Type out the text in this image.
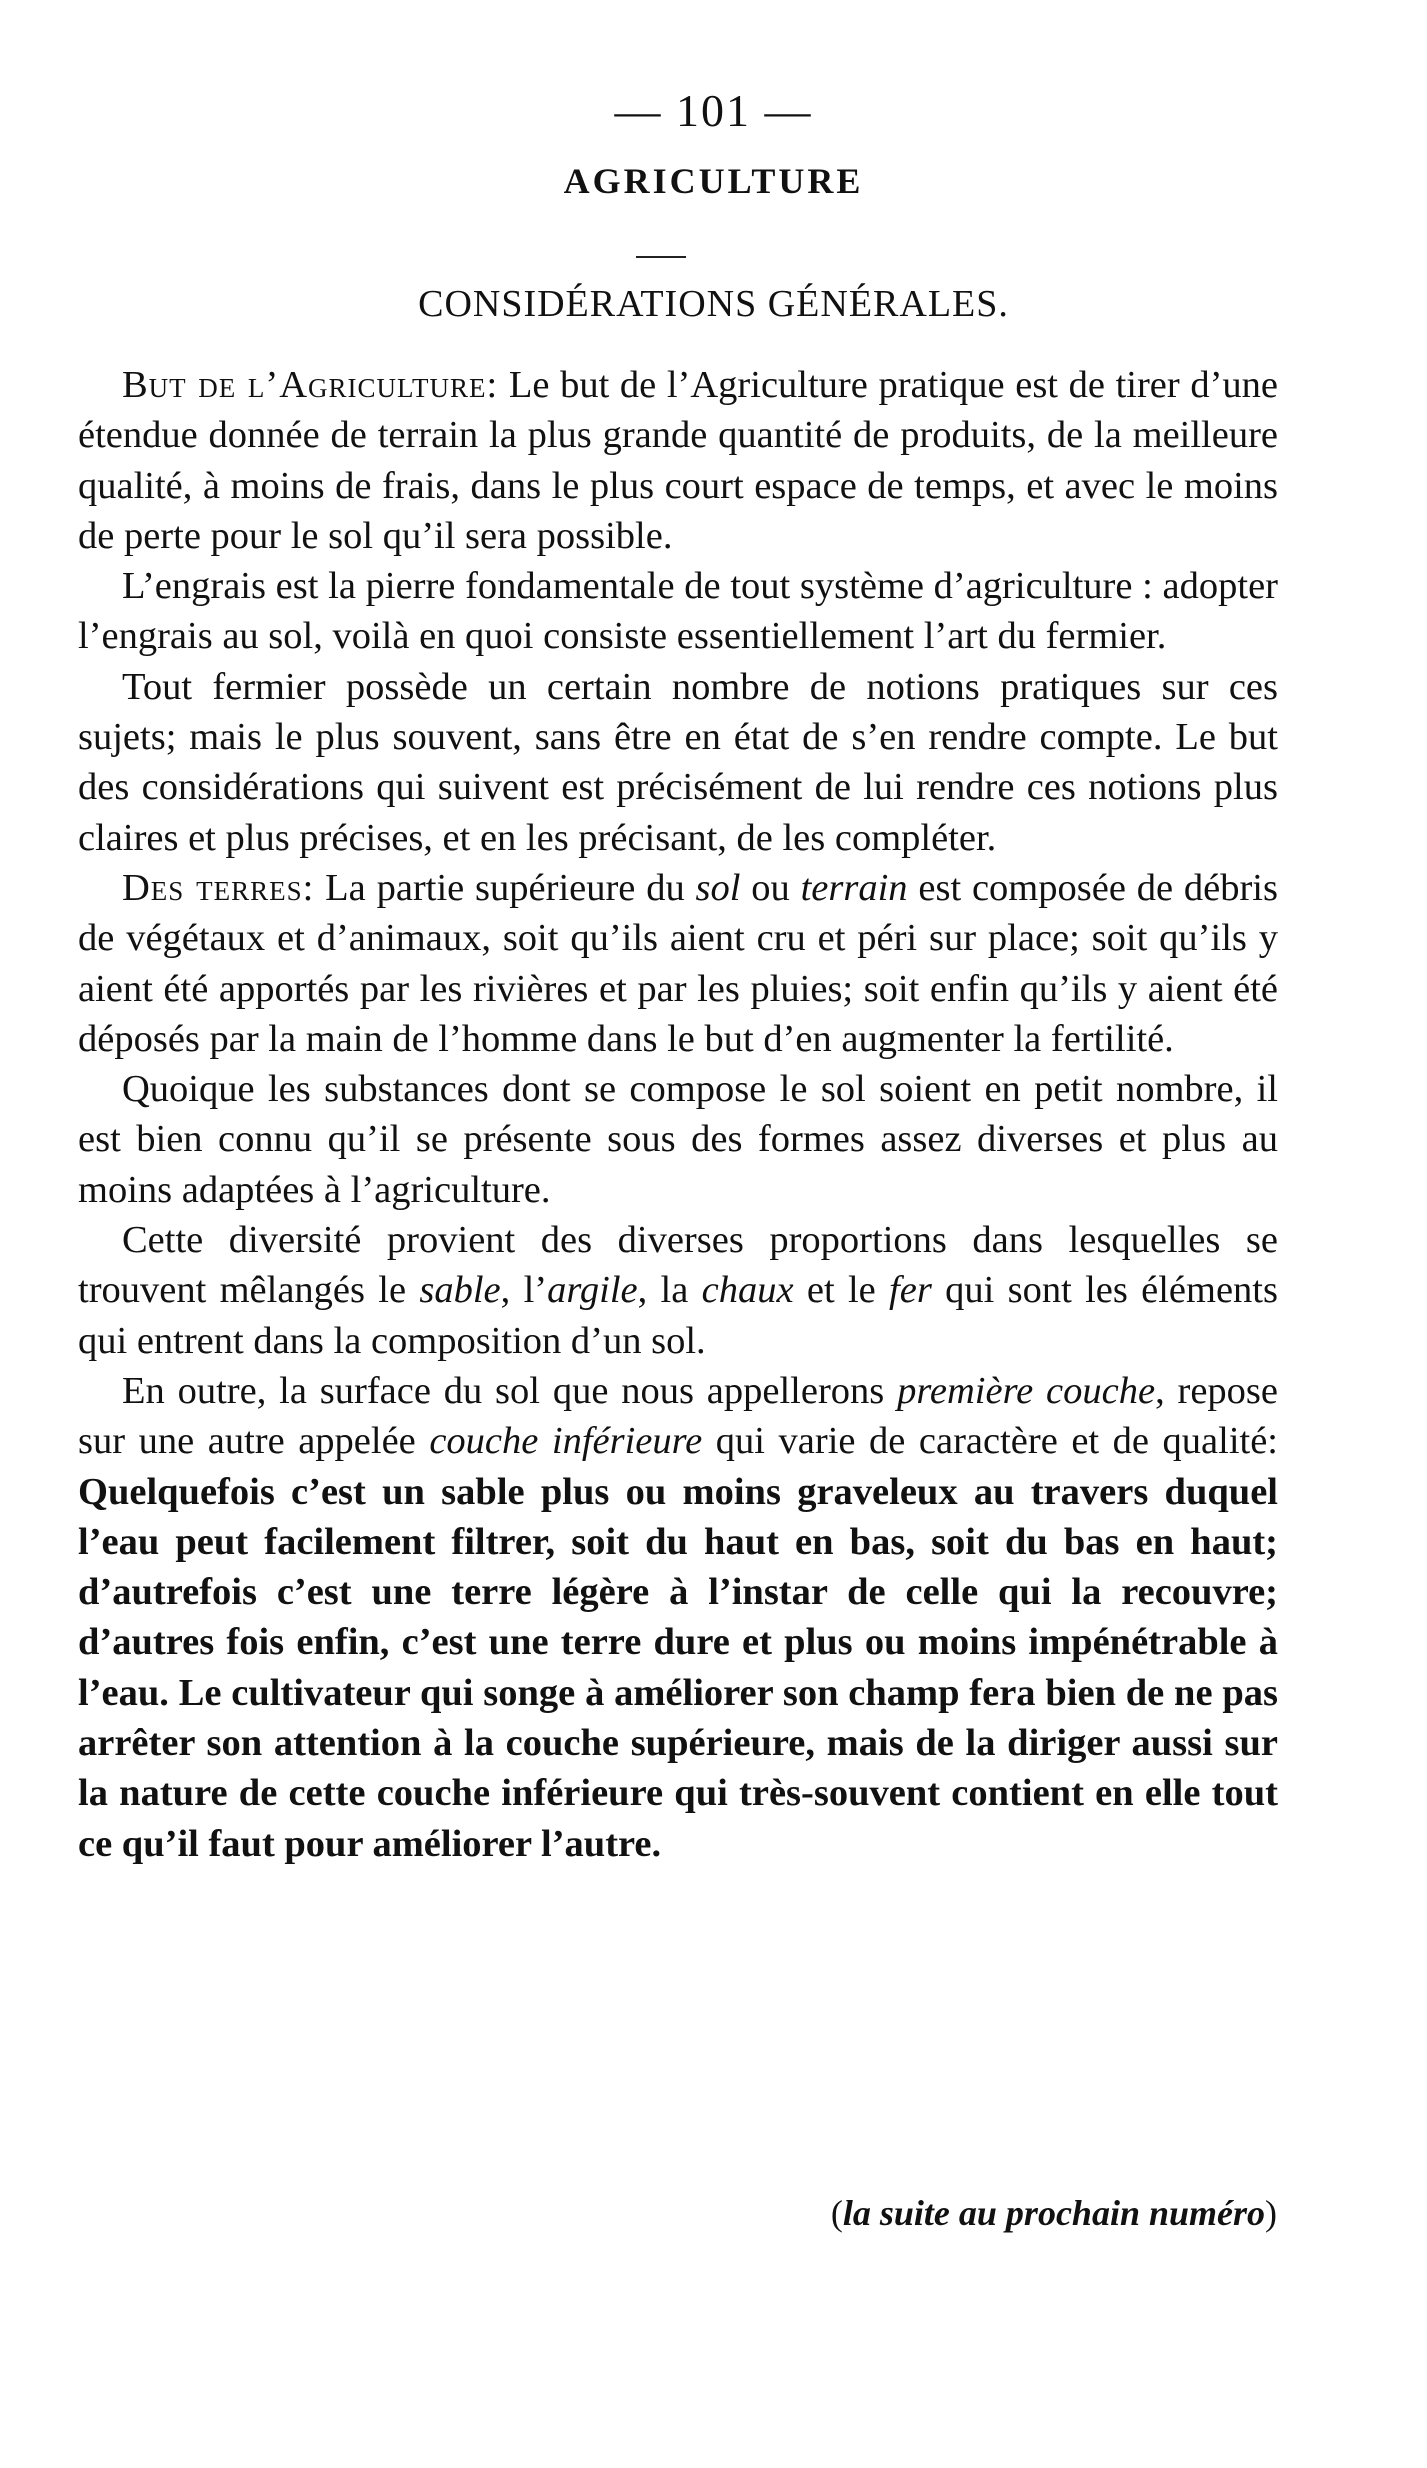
— 101 —
AGRICULTURE
CONSIDÉRATIONS GÉNÉRALES.

But de l’Agriculture: Le but de l’Agriculture pratique est de tirer d’une étendue donnée de terrain la plus grande quantité de produits, de la meilleure qualité, à moins de frais, dans le plus court espace de temps, et avec le moins de perte pour le sol qu’il sera possible.

L’engrais est la pierre fondamentale de tout système d’agriculture : adopter l’engrais au sol, voilà en quoi consiste essentiellement l’art du fermier.

Tout fermier possède un certain nombre de notions pratiques sur ces sujets; mais le plus souvent, sans être en état de s’en rendre compte. Le but des considérations qui suivent est précisément de lui rendre ces notions plus claires et plus précises, et en les précisant, de les compléter.

Des terres: La partie supérieure du sol ou terrain est composée de débris de végétaux et d’animaux, soit qu’ils aient cru et péri sur place; soit qu’ils y aient été apportés par les rivières et par les pluies; soit enfin qu’ils y aient été déposés par la main de l’homme dans le but d’en augmenter la fertilité.

Quoique les substances dont se compose le sol soient en petit nombre, il est bien connu qu’il se présente sous des formes assez diverses et plus au moins adaptées à l’agriculture.

Cette diversité provient des diverses proportions dans lesquelles se trouvent mêlangés le sable, l’argile, la chaux et le fer qui sont les éléments qui entrent dans la composition d’un sol.

En outre, la surface du sol que nous appellerons première couche, repose sur une autre appelée couche inférieure qui varie de caractère et de qualité: Quelquefois c’est un sable plus ou moins graveleux au travers duquel l’eau peut facilement filtrer, soit du haut en bas, soit du bas en haut; d’autrefois c’est une terre légère à l’instar de celle qui la recouvre; d’autres fois enfin, c’est une terre dure et plus ou moins impénétrable à l’eau. Le cultivateur qui songe à améliorer son champ fera bien de ne pas arrêter son attention à la couche supérieure, mais de la diriger aussi sur la nature de cette couche inférieure qui très-souvent contient en elle tout ce qu’il faut pour améliorer l’autre.

(la suite au prochain numéro)
